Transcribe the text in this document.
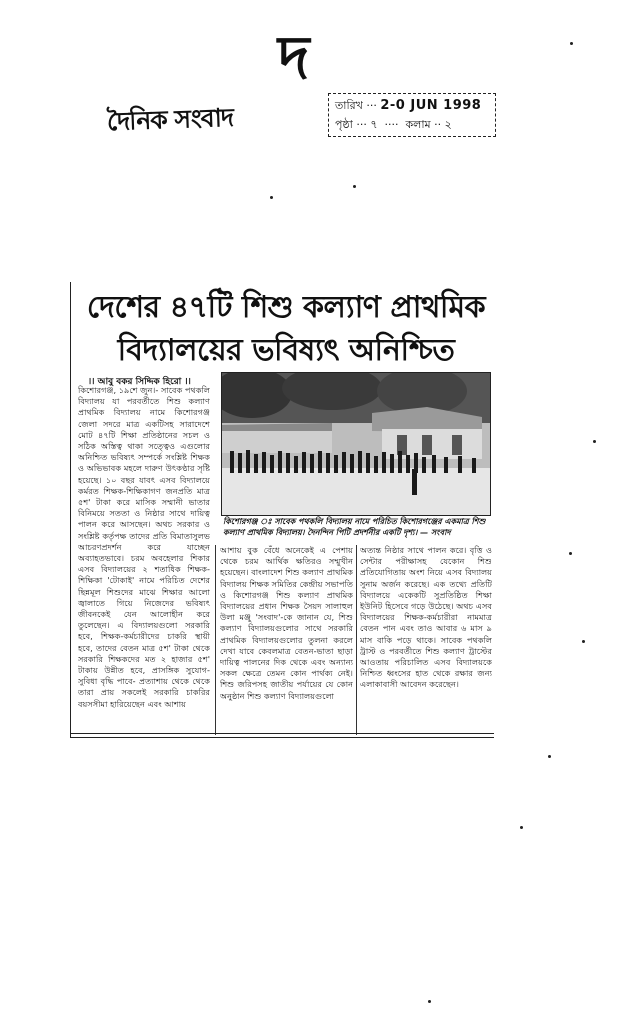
দ
দৈনিক সংবাদ	তারিখ ··· 2-0 JUN 1998
পৃষ্ঠা ··· ৭  ····  কলাম ·· ২
দেশের ৪৭টি শিশু কল্যাণ প্রাথমিক
বিদ্যালয়ের ভবিষ্যৎ অনিশ্চিত
।। আবু বকর সিদ্দিক হিরো ।।
কিশোরগঞ্জ, ১৯শে জুন।- সাবেক পথকলি বিদ্যালয় যা পরবর্তীতে শিশু কল্যাণ প্রাথমিক বিদ্যালয় নামে কিশোরগঞ্জ জেলা সদরে মাত্র একটিসহ সারাদেশে মোট ৪৭টি শিক্ষা প্রতিষ্ঠানের সচল ও সঠিক অস্তিত্ব থাকা সত্ত্বেও এগুলোর অনিশ্চিত ভবিষ্যৎ সম্পর্কে সংশ্লিষ্ট শিক্ষক ও অভিভাবক মহলে দারুণ উৎকণ্ঠার সৃষ্টি হয়েছে। ১০ বছর যাবৎ এসব বিদ্যালয়ে কর্মরত শিক্ষক-শিক্ষিকাগণ জনপ্রতি মাত্র ৫শ' টাকা করে মাসিক সম্মানী ভাতার বিনিময়ে সততা ও নিষ্ঠার সাথে দায়িত্ব পালন করে আসছেন। অথচ সরকার ও সংশ্লিষ্ট কর্তৃপক্ষ তাদের প্রতি বিমাতাসুলভ আচরণপ্রদর্শন করে যাচ্ছেন অব্যাহতভাবে। চরম অবহেলার শিকার এসব বিদ্যালয়ের ২ শতাধিক শিক্ষক-শিক্ষিকা 'টোকাই' নামে পরিচিত দেশের ছিন্নমূল শিশুদের মাঝে শিক্ষার আলো জ্বালাতে গিয়ে নিজেদের ভবিষ্যৎ জীবনকেই যেন আলোহীন করে তুলেছেন। এ বিদ্যালয়গুলো সরকারি হবে, শিক্ষক-কর্মচারীদের চাকরি স্থায়ী হবে, তাদের বেতন মাত্র ৫শ' টাকা থেকে সরকারি শিক্ষকদের মত ২ হাজার ৫শ' টাকায় উন্নীত হবে, প্রাসঙ্গিক সুযোগ-সুবিধা বৃদ্ধি পাবে- প্রত্যাশায় থেকে থেকে তারা প্রায় সকলেই সরকারি চাকরির বয়সসীমা হারিয়েছেন এবং আশায়
কিশোরগঞ্জ ঃ সাবেক পথকলি বিদ্যালয় নামে পরিচিত কিশোরগঞ্জের একমাত্র শিশু কল্যাণ প্রাথমিক বিদ্যালয়। দৈনন্দিন পিটি প্রদর্শনীর একটি দৃশ্য। — সংবাদ
আশায় বুক বেঁধে অনেকেই এ পেশায় থেকে চরম আর্থিক ক্ষতিরও সম্মুখীন হয়েছেন। বাংলাদেশ শিশু কল্যাণ প্রাথমিক বিদ্যালয় শিক্ষক সমিতির কেন্দ্রীয় সভাপতি ও কিশোরগঞ্জ শিশু কল্যাণ প্রাথমিক বিদ্যালয়ের প্রধান শিক্ষক সৈয়দ সালাহুল উলা মঞ্জু 'সংবাদ'-কে জানান যে, শিশু কল্যাণ বিদ্যালয়গুলোর সাথে সরকারি প্রাথমিক বিদ্যালয়গুলোর তুলনা করলে দেখা যাবে কেবলমাত্র বেতন-ভাতা ছাড়া দায়িত্ব পালনের দিক থেকে এবং অন্যান্য সকল ক্ষেত্রে তেমন কোন পার্থক্য নেই। শিশু জরিপসহ জাতীয় পর্যায়ের যে কোন অনুষ্ঠান শিশু কল্যাণ বিদ্যালয়গুলো
অত্যন্ত নিষ্ঠার সাথে পালন করে। বৃত্তি ও সেন্টার পরীক্ষাসহ যেকোন শিশু প্রতিযোগিতায় অংশ নিয়ে এসব বিদ্যালয় সুনাম অর্জন করেছে। এক তথ্যে প্রতিটি বিদ্যালয়ে একেকটি সুপ্রতিষ্ঠিত শিক্ষা ইউনিট হিসেবে গড়ে উঠেছে। অথচ এসব বিদ্যালয়ের শিক্ষক-কর্মচারীরা নামমাত্র বেতন পান এবং তাও আবার ৬ মাস ৯ মাস বাকি পড়ে থাকে। সাবেক পথকলি ট্রাস্ট ও পরবর্তীতে শিশু কল্যাণ ট্রাস্টের আওতায় পরিচালিত এসব বিদ্যালয়কে নিশ্চিত ধ্বংসের হাত থেকে রক্ষার জন্য এলাকাবাসী আবেদন করেছেন।
